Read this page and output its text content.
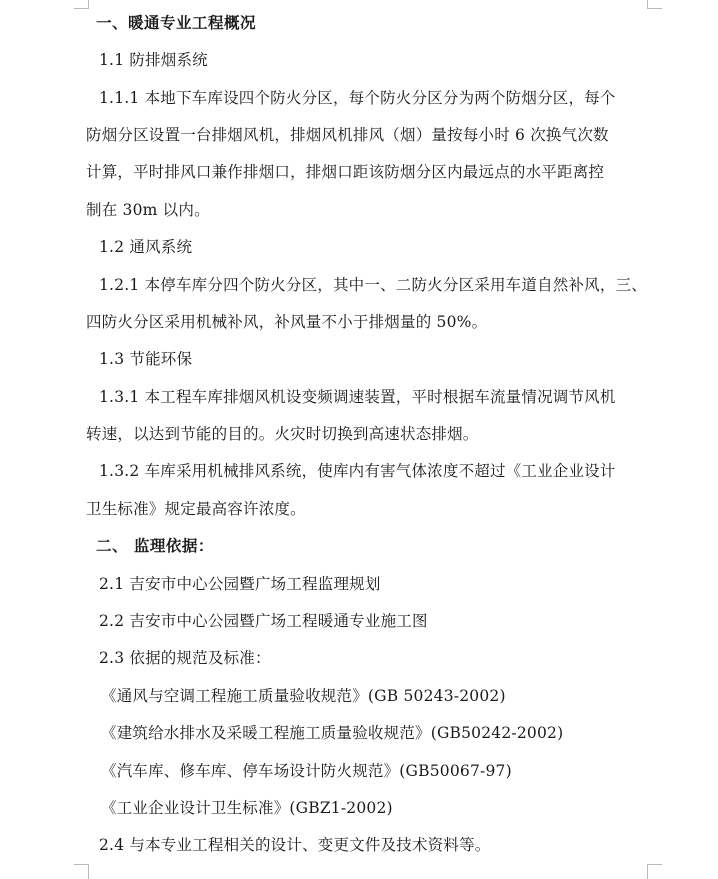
一、暖通专业工程概况
1.1 防排烟系统
1.1.1 本地下车库设四个防火分区，每个防火分区分为两个防烟分区，每个
防烟分区设置一台排烟风机，排烟风机排风（烟）量按每小时 6 次换气次数
计算，平时排风口兼作排烟口，排烟口距该防烟分区内最远点的水平距离控
制在 30m 以内。
1.2 通风系统
1.2.1 本停车库分四个防火分区，其中一、二防火分区采用车道自然补风，三、
四防火分区采用机械补风，补风量不小于排烟量的 50%。
1.3 节能环保
1.3.1 本工程车库排烟风机设变频调速装置，平时根据车流量情况调节风机
转速，以达到节能的目的。火灾时切换到高速状态排烟。
1.3.2 车库采用机械排风系统，使库内有害气体浓度不超过《工业企业设计
卫生标准》规定最高容许浓度。
二、 监理依据：
2.1 吉安市中心公园暨广场工程监理规划
2.2 吉安市中心公园暨广场工程暖通专业施工图
2.3 依据的规范及标准：
《通风与空调工程施工质量验收规范》(GB 50243-2002)
《建筑给水排水及采暖工程施工质量验收规范》(GB50242-2002)
《汽车库、修车库、停车场设计防火规范》(GB50067-97)
《工业企业设计卫生标准》(GBZ1-2002)
2.4 与本专业工程相关的设计、变更文件及技术资料等。
